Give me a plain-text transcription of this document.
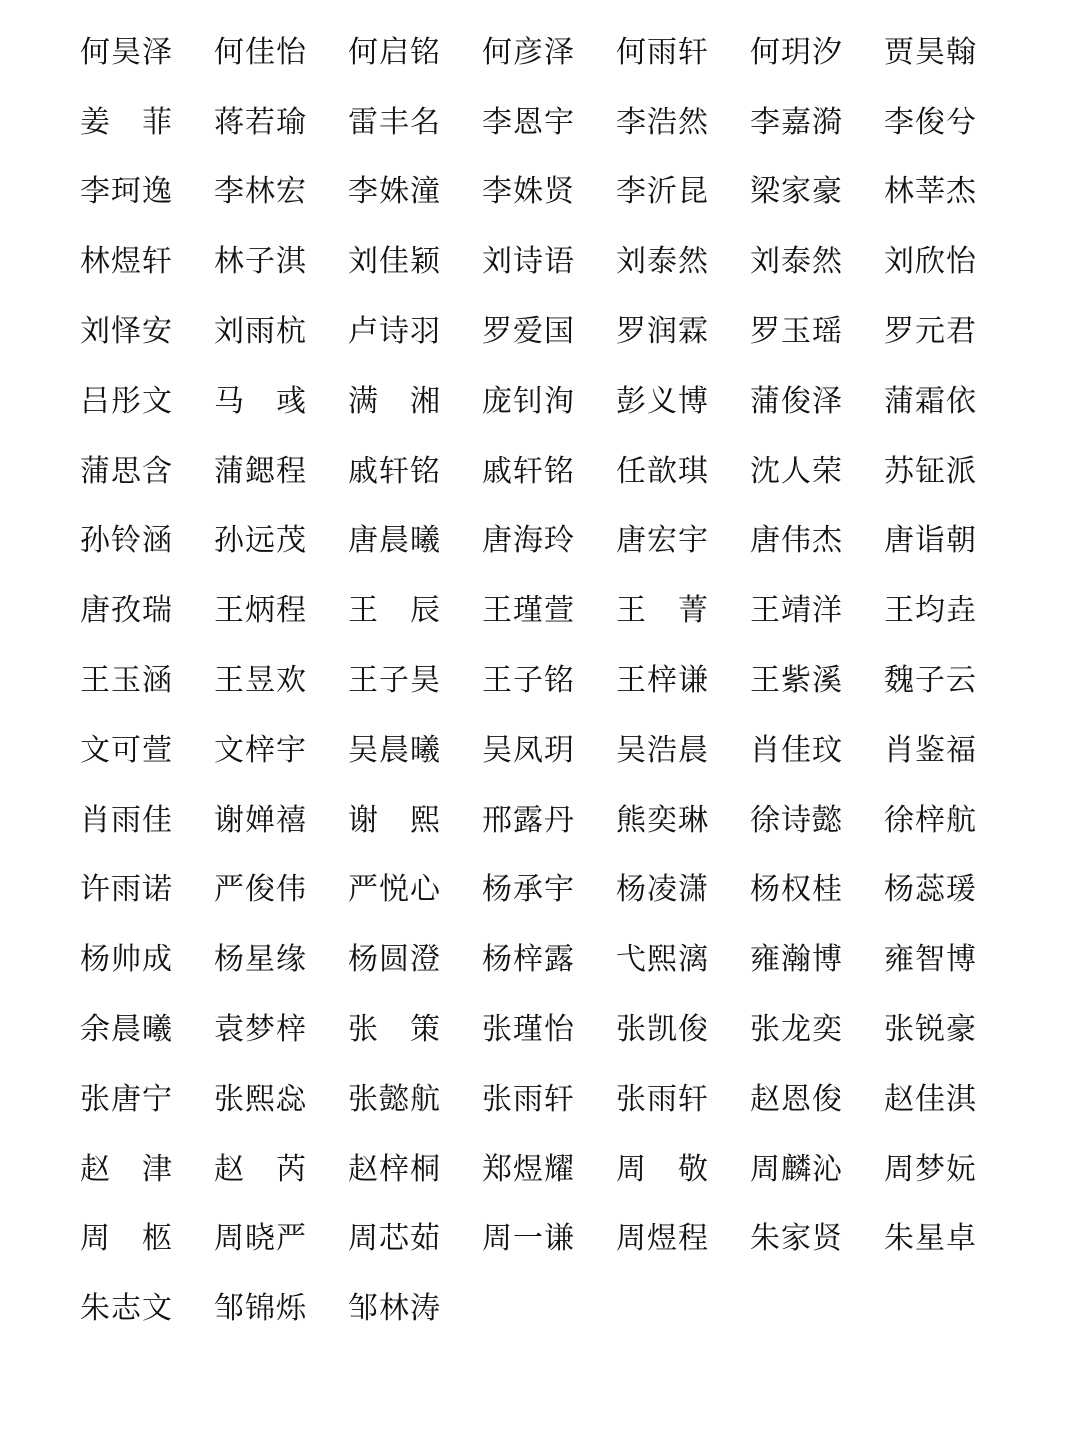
何昊泽 何佳怡 何启铭 何彦泽 何雨轩 何玥汐 贾昊翰
姜　菲 蒋若瑜 雷丰名 李恩宇 李浩然 李嘉漪 李俊兮
李珂逸 李林宏 李姝潼 李姝贤 李沂昆 梁家豪 林莘杰
林煜轩 林子淇 刘佳颖 刘诗语 刘泰然 刘泰然 刘欣怡
刘怿安 刘雨杭 卢诗羽 罗爱国 罗润霖 罗玉瑶 罗元君
吕彤文 马　彧 满　湘 庞钊洵 彭义博 蒲俊泽 蒲霜依
蒲思含 蒲鍶程 戚轩铭 戚轩铭 任歆琪 沈人荣 苏钲派
孙铃涵 孙远茂 唐晨曦 唐海玲 唐宏宇 唐伟杰 唐诣朝
唐孜瑞 王炳程 王　辰 王瑾萱 王　菁 王靖洋 王均垚
王玉涵 王昱欢 王子昊 王子铭 王梓谦 王紫溪 魏子云
文可萱 文梓宇 吴晨曦 吴凤玥 吴浩晨 肖佳玟 肖鉴福
肖雨佳 谢婵禧 谢　熙 邢露丹 熊奕琳 徐诗懿 徐梓航
许雨诺 严俊伟 严悦心 杨承宇 杨凌潇 杨权桂 杨蕊瑗
杨帅成 杨星缘 杨圆澄 杨梓露 弋熙漓 雍瀚博 雍智博
余晨曦 袁梦梓 张　策 张瑾怡 张凯俊 张龙奕 张锐豪
张唐宁 张熙惢 张懿航 张雨轩 张雨轩 赵恩俊 赵佳淇
赵　津 赵　芮 赵梓桐 郑煜耀 周　敬 周麟沁 周梦妧
周　柩 周晓严 周芯茹 周一谦 周煜程 朱家贤 朱星卓
朱志文 邹锦烁 邹林涛
